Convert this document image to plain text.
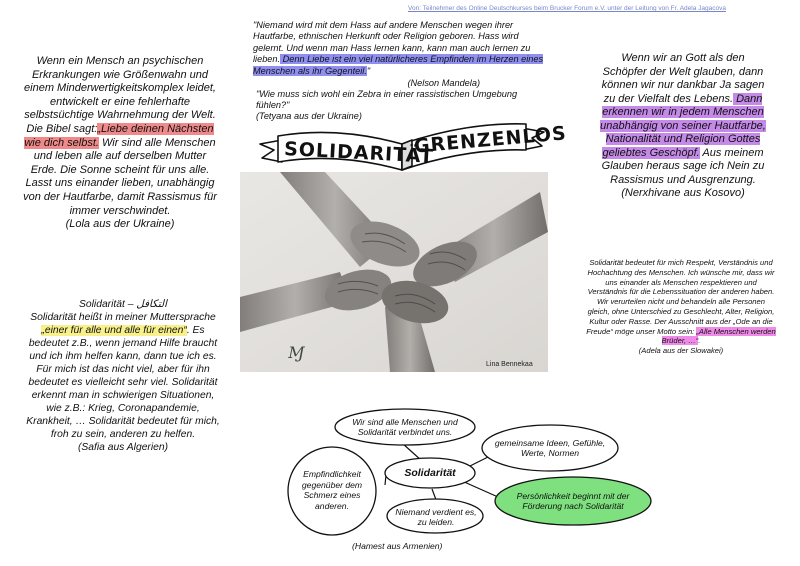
Von: Teilnehmer des Online Deutschkurses beim Brucker Forum e.V. unter der Leitung von Fr. Adela Jagacova
Wenn ein Mensch an psychischen Erkrankungen wie Größenwahn und einem Minderwertigkeitskomplex leidet, entwickelt er eine fehlerhafte selbstsüchtige Wahrnehmung der Welt. Die Bibel sagt:„Liebe deinen Nächsten wie dich selbst. Wir sind alle Menschen und leben alle auf derselben Mutter Erde. Die Sonne scheint für uns alle. Lasst uns einander lieben, unabhängig von der Hautfarbe, damit Rassismus für immer verschwindet.
(Lola aus der Ukraine)
Solidarität – التكافل
Solidarität heißt in meiner Muttersprache „einer für alle und alle für einen“. Es bedeutet z.B., wenn jemand Hilfe braucht und ich ihm helfen kann, dann tue ich es. Für mich ist das nicht viel, aber für ihn bedeutet es vielleicht sehr viel. Solidarität erkennt man in schwierigen Situationen, wie z.B.: Krieg, Coronapandemie, Krankheit, … Solidarität bedeutet für mich, froh zu sein, anderen zu helfen.
(Safia aus Algerien)
"Niemand wird mit dem Hass auf andere Menschen wegen ihrer Hautfarbe, ethnischen Herkunft oder Religion geboren. Hass wird gelernt. Und wenn man Hass lernen kann, kann man auch lernen zu lieben. Denn Liebe ist ein viel natürlicheres Empfinden im Herzen eines Menschen als ihr Gegenteil."
(Nelson Mandela)
"Wie muss sich wohl ein Zebra in einer rassistischen Umgebung fühlen?"
(Tetyana aus der Ukraine)
SOLIDARITÄT
GRENZENLOS
Lina Bennekaa
Ɱ
Wenn wir an Gott als den Schöpfer der Welt glauben, dann können wir nur dankbar Ja sagen zu der Vielfalt des Lebens. Dann erkennen wir in jedem Menschen unabhängig von seiner Hautfarbe, Nationalität und Religion Gottes geliebtes Geschöpf. Aus meinem Glauben heraus sage ich Nein zu Rassismus und Ausgrenzung.
(Nerxhivane aus Kosovo)
Solidarität bedeutet für mich Respekt, Verständnis und Hochachtung des Menschen. Ich wünsche mir, dass wir uns einander als Menschen respektieren und Verständnis für die Lebenssituation der anderen haben. Wir verurteilen nicht und behandeln alle Personen gleich, ohne Unterschied zu Geschlecht, Alter, Religion, Kultur oder Rasse. Der Ausschnitt aus der „Ode an die Freude“ möge unser Motto sein: „Alle Menschen werden Brüder, …“.
(Adela aus der Slowakei)
Wir sind alle Menschen und Solidarität verbindet uns.
Empfindlichkeit gegenüber dem Schmerz eines anderen.
Solidarität
Niemand verdient es, zu leiden.
gemeinsame Ideen, Gefühle, Werte, Normen
Persönlichkeit beginnt mit der Förderung nach Solidarität
(Hamest aus Armenien)
